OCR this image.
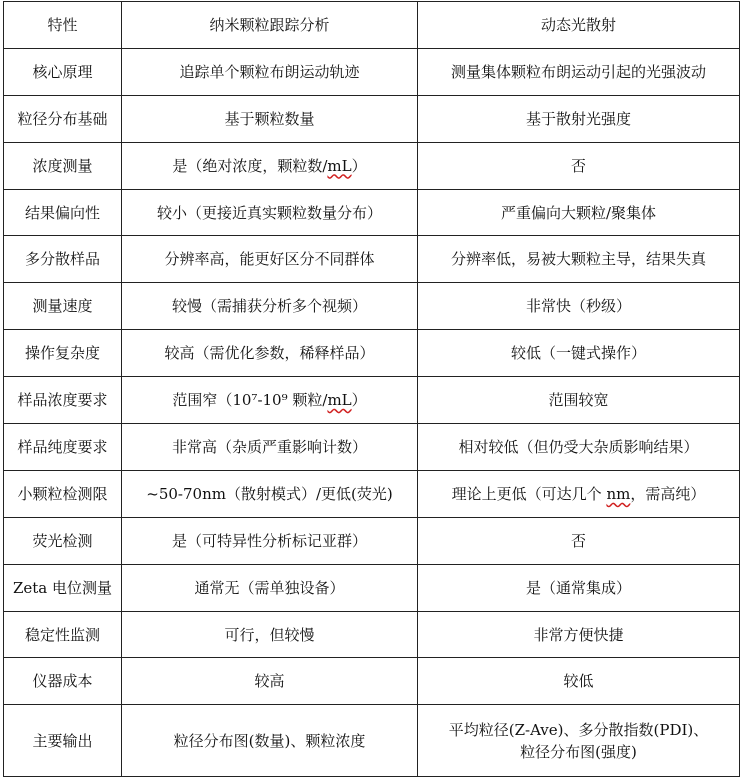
特性	纳米颗粒跟踪分析	动态光散射
核心原理	追踪单个颗粒布朗运动轨迹	测量集体颗粒布朗运动引起的光强波动
粒径分布基础	基于颗粒数量	基于散射光强度
浓度测量	是（绝对浓度，颗粒数/mL）	否
结果偏向性	较小（更接近真实颗粒数量分布）	严重偏向大颗粒/聚集体
多分散样品	分辨率高，能更好区分不同群体	分辨率低，易被大颗粒主导，结果失真
测量速度	较慢（需捕获分析多个视频）	非常快（秒级）
操作复杂度	较高（需优化参数，稀释样品）	较低（一键式操作）
样品浓度要求	范围窄（10⁷-10⁹ 颗粒/mL）	范围较宽
样品纯度要求	非常高（杂质严重影响计数）	相对较低（但仍受大杂质影响结果）
小颗粒检测限	~50-70nm（散射模式）/更低(荧光)	理论上更低（可达几个 nm，需高纯）
荧光检测	是（可特异性分析标记亚群）	否
Zeta 电位测量	通常无（需单独设备）	是（通常集成）
稳定性监测	可行，但较慢	非常方便快捷
仪器成本	较高	较低
主要输出	粒径分布图(数量)、颗粒浓度	平均粒径(Z-Ave)、多分散指数(PDI)、
粒径分布图(强度)
